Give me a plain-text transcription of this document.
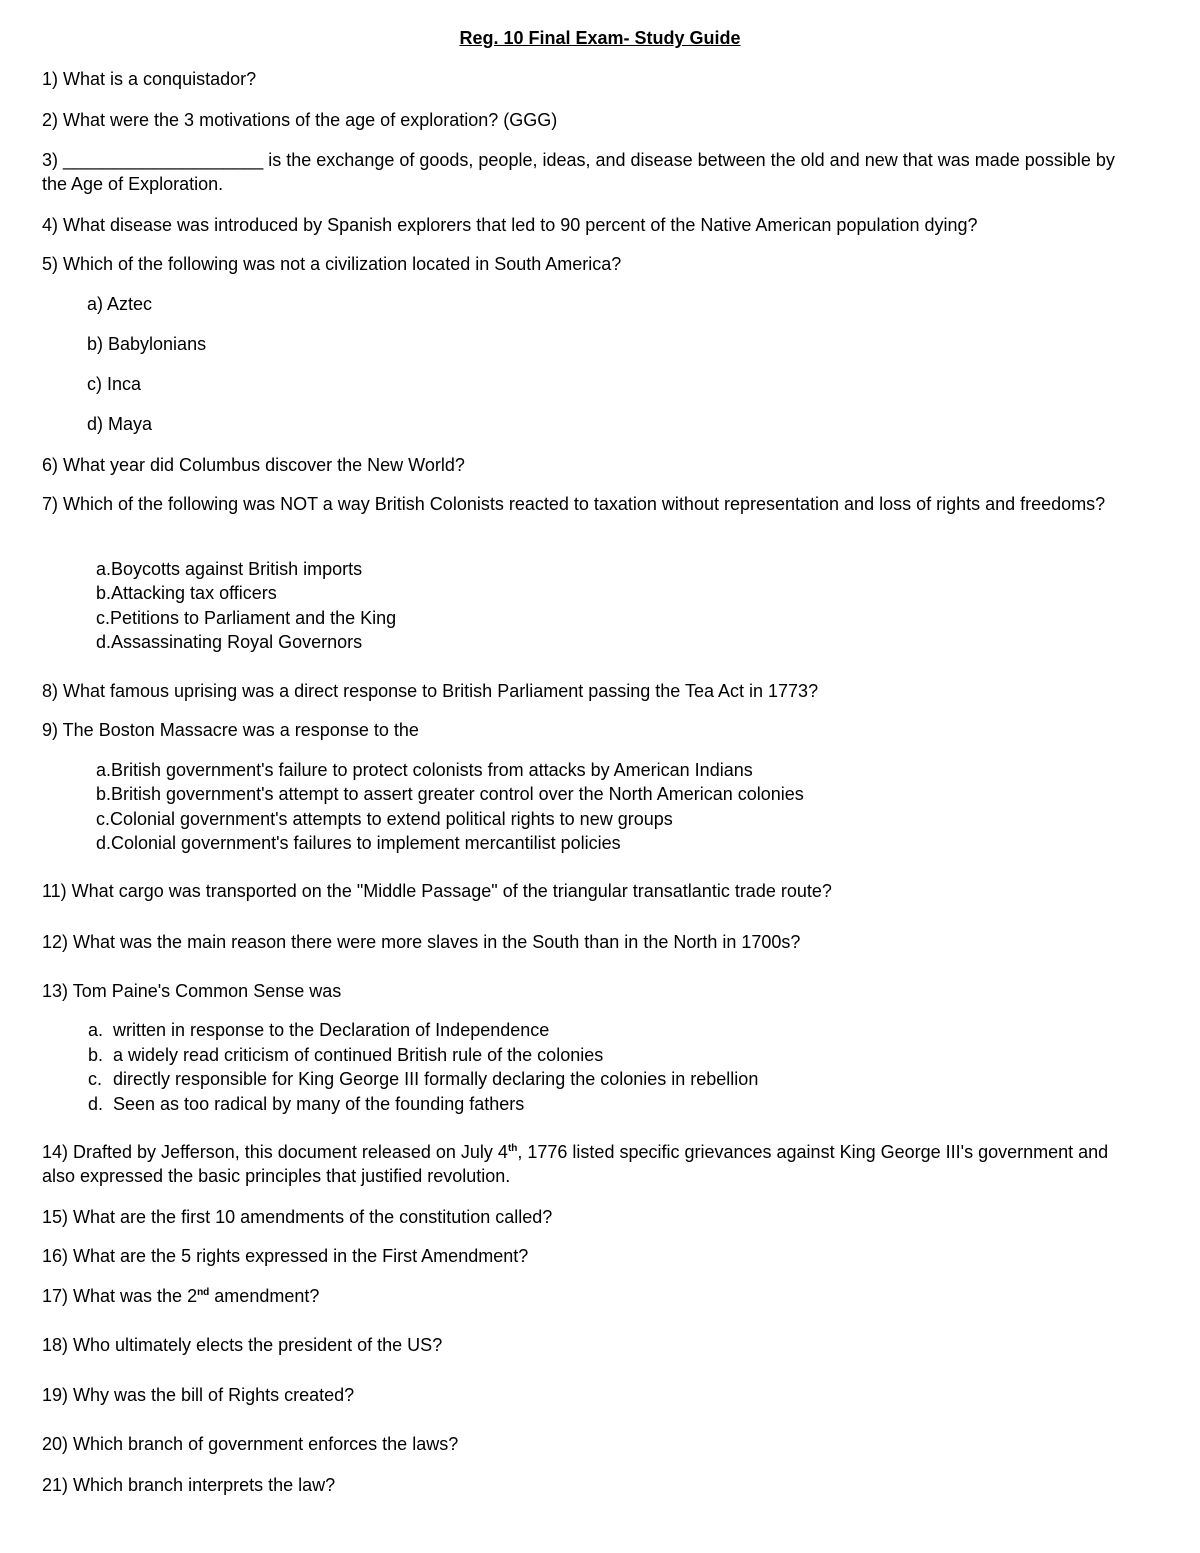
Reg. 10 Final Exam- Study Guide

1) What is a conquistador?

2) What were the 3 motivations of the age of exploration? (GGG)

3) ____________________ is the exchange of goods, people, ideas, and disease between the old and new that was made possible by the Age of Exploration.

4) What disease was introduced by Spanish explorers that led to 90 percent of the Native American population dying?

5) Which of the following was not a civilization located in South America?

a) Aztec

b) Babylonians

c) Inca

d) Maya

6) What year did Columbus discover the New World?

7) Which of the following was NOT a way British Colonists reacted to taxation without representation and loss of rights and freedoms?

a.Boycotts against British imports
b.Attacking tax officers
c.Petitions to Parliament and the King
d.Assassinating Royal Governors

8) What famous uprising was a direct response to British Parliament passing the Tea Act in 1773?

9) The Boston Massacre was a response to the

a.British government's failure to protect colonists from attacks by American Indians
b.British government's attempt to assert greater control over the North American colonies
c.Colonial government's attempts to extend political rights to new groups
d.Colonial government's failures to implement mercantilist policies

11) What cargo was transported on the "Middle Passage" of the triangular transatlantic trade route?

12) What was the main reason there were more slaves in the South than in the North in 1700s?

13) Tom Paine's Common Sense was

a. written in response to the Declaration of Independence
b. a widely read criticism of continued British rule of the colonies
c. directly responsible for King George III formally declaring the colonies in rebellion
d. Seen as too radical by many of the founding fathers

14) Drafted by Jefferson, this document released on July 4th, 1776 listed specific grievances against King George III's government and also expressed the basic principles that justified revolution.

15) What are the first 10 amendments of the constitution called?

16) What are the 5 rights expressed in the First Amendment?

17) What was the 2nd amendment?

18) Who ultimately elects the president of the US?

19) Why was the bill of Rights created?

20) Which branch of government enforces the laws?

21) Which branch interprets the law?
